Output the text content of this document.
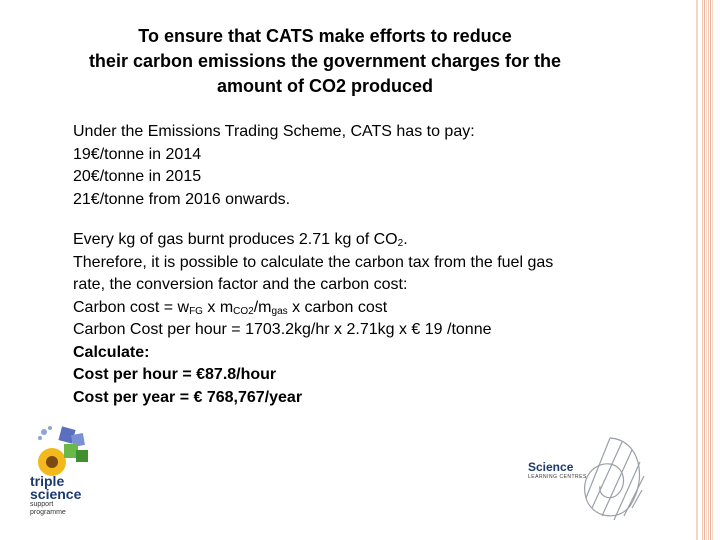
To ensure that CATS make efforts to reduce
their carbon emissions the government charges for the
amount of CO2 produced
Under the Emissions Trading Scheme, CATS has to pay:
19€/tonne in 2014
20€/tonne in 2015
21€/tonne from 2016 onwards.
Every kg of gas burnt produces 2.71 kg of $CO_2$.
Therefore, it is possible to calculate the carbon tax from the fuel gas
rate, the conversion factor and the carbon cost:
Carbon $\cos t = w_{FG}$ x $m_{CO2}/m_{gas}$ x carbon cost
Carbon Cost per hour = 1703.2kg/hr x 2.71kg x € 19 /tonne
Calculate:
Cost per hour = €87.8/hour
Cost per year = € 768,767/year
triple
science
support
programme
Science
LEARNING CENTRES
